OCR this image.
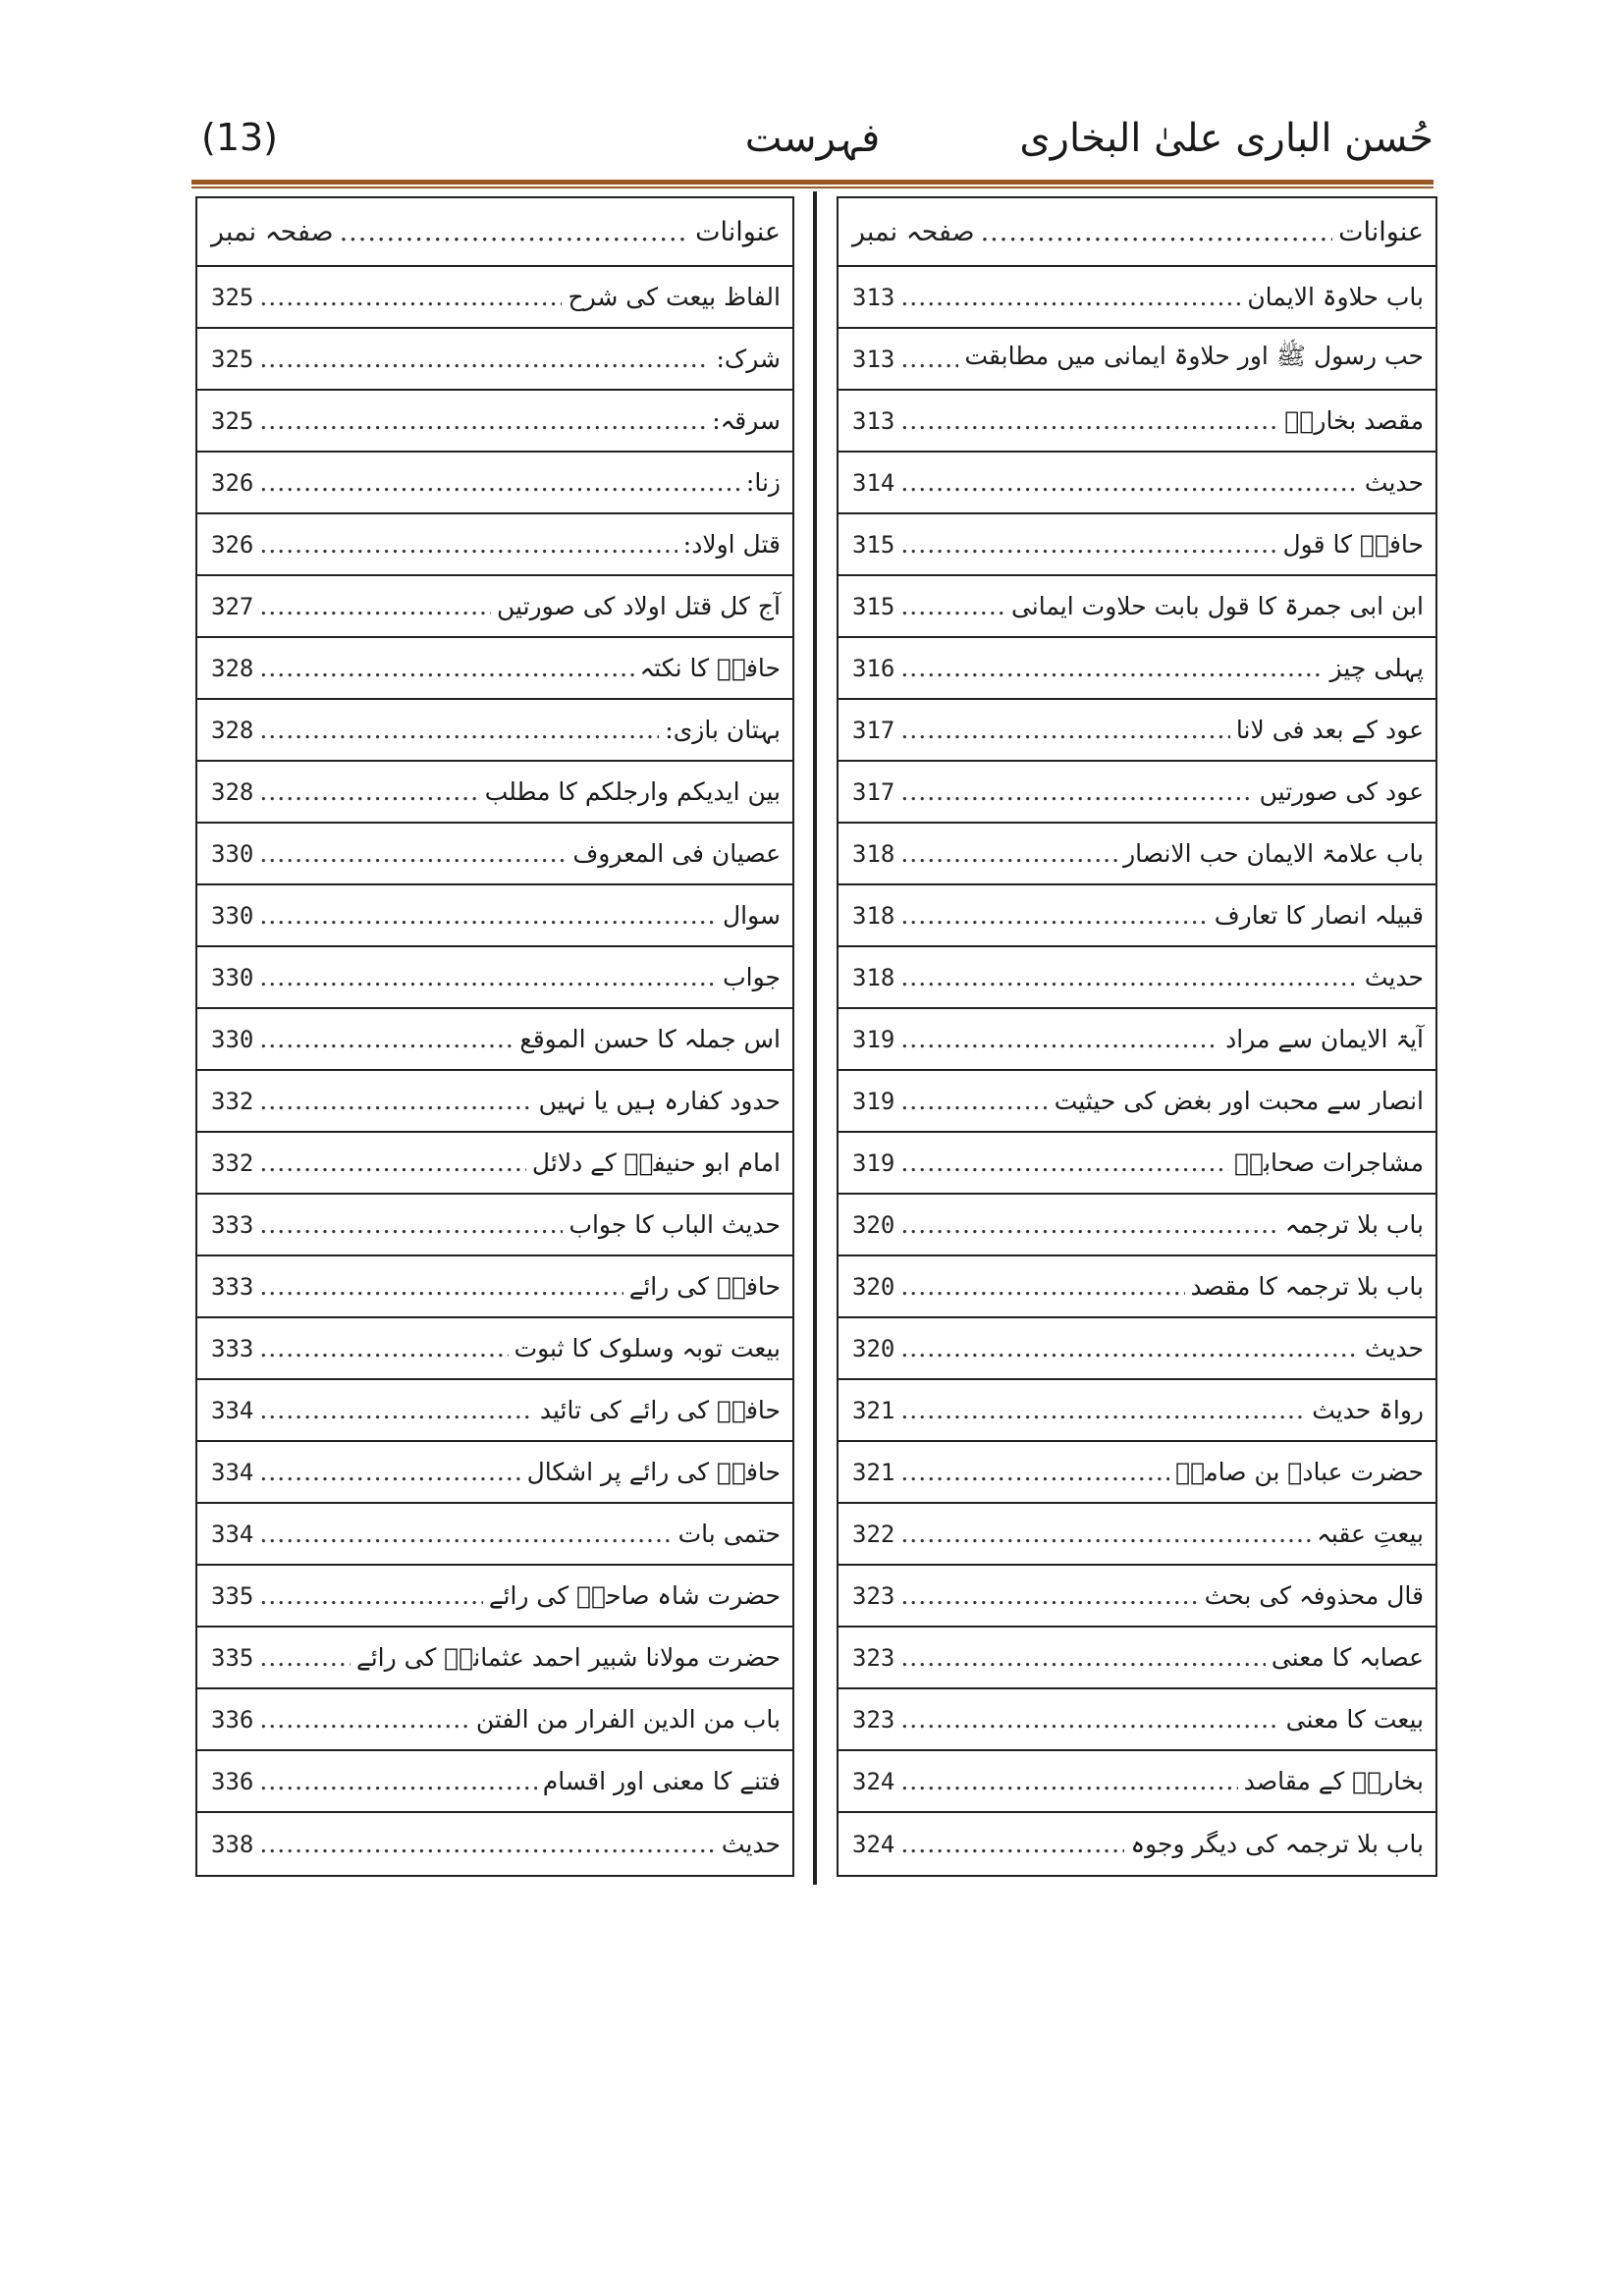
(13)	فہرست	حُسن الباری علیٰ البخاری
صفحہ نمبر .....	عنوانات
313 .....	باب حلاوۃ الایمان
313 .....	حب رسول ﷺ اور حلاوۃ ایمانی میں مطابقت
313 .....	مقصد بخاریؒ
314 .....	حدیث
315 .....	حافظؒ کا قول
315 .....	ابن ابی جمرۃ کا قول بابت حلاوت ایمانی
316 .....	پہلی چیز
317 .....	عود کے بعد فی لانا
317 .....	عود کی صورتیں
318 .....	باب علامۃ الایمان حب الانصار
318 .....	قبیلہ انصار کا تعارف
318 .....	حدیث
319 .....	آیۃ الایمان سے مراد
319 .....	انصار سے محبت اور بغض کی حیثیت
319 .....	مشاجرات صحابہؓ
320 .....	باب بلا ترجمہ
320 .....	باب بلا ترجمہ کا مقصد
320 .....	حدیث
321 .....	رواۃ حدیث
321 .....	حضرت عبادہ بن صامتؓ
322 .....	بیعتِ عقبہ
323 .....	قال محذوفہ کی بحث
323 .....	عصابہ کا معنی
323 .....	بیعت کا معنی
324 .....	بخاریؒ کے مقاصد
324 .....	باب بلا ترجمہ کی دیگر وجوہ
صفحہ نمبر .....	عنوانات
325 .....	الفاظ بیعت کی شرح
325 .....	شرک:
325 .....	سرقہ:
326 .....	زنا:
326 .....	قتل اولاد:
327 .....	آج کل قتل اولاد کی صورتیں
328 .....	حافظؒ کا نکتہ
328 .....	بہتان بازی:
328 .....	بین ایدیکم وارجلکم کا مطلب
330 .....	عصیان فی المعروف
330 .....	سوال
330 .....	جواب
330 .....	اس جملہ کا حسن الموقع
332 .....	حدود کفارہ ہیں یا نہیں
332 .....	امام ابو حنیفہؒ کے دلائل
333 .....	حدیث الباب کا جواب
333 .....	حافظؒ کی رائے
333 .....	بیعت توبہ وسلوک کا ثبوت
334 .....	حافظؒ کی رائے کی تائید
334 .....	حافظؒ کی رائے پر اشکال
334 .....	حتمی بات
335 .....	حضرت شاہ صاحبؒ کی رائے
335 .....	حضرت مولانا شبیر احمد عثمانیؒ کی رائے
336 .....	باب من الدین الفرار من الفتن
336 .....	فتنے کا معنی اور اقسام
338 .....	حدیث
